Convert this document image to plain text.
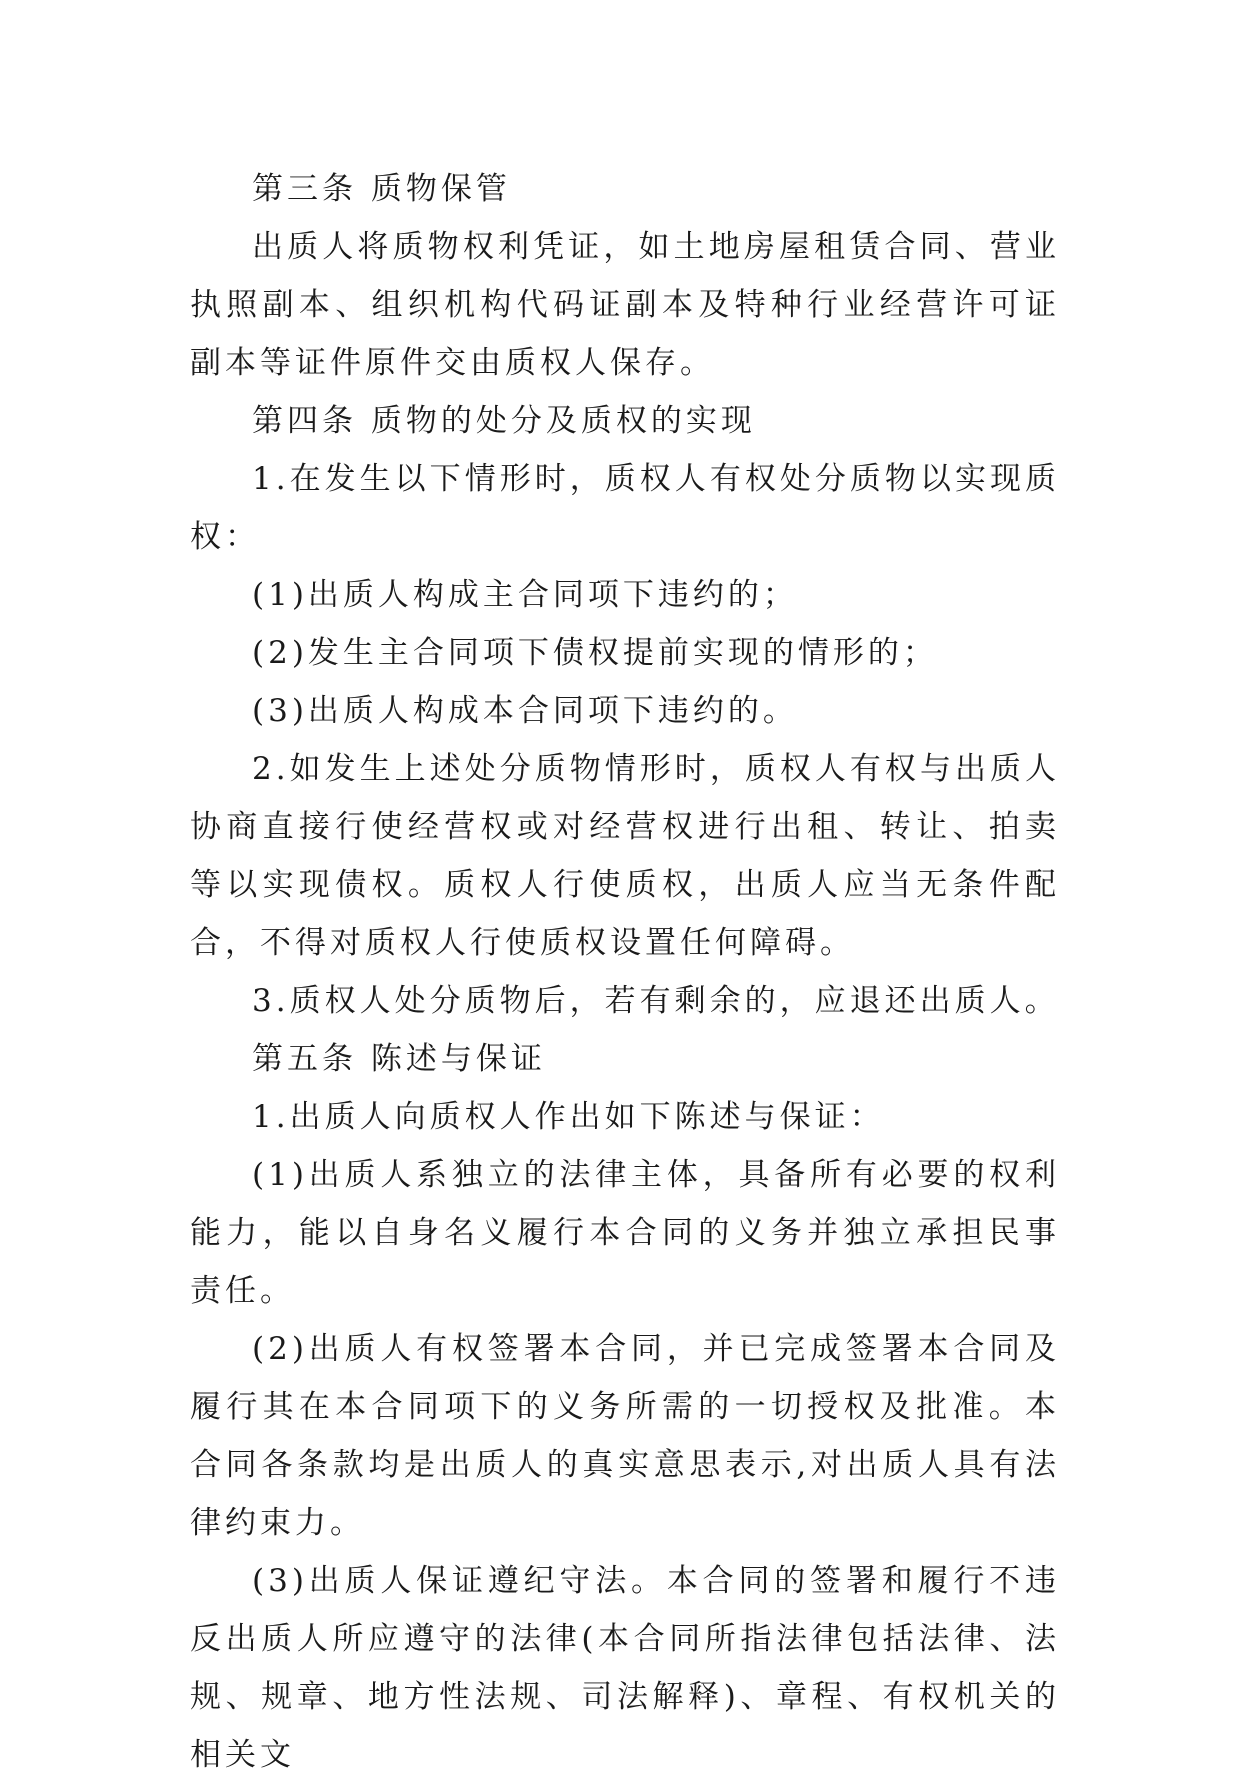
第三条 质物保管

出质人将质物权利凭证，如土地房屋租赁合同、营业执照副本、组织机构代码证副本及特种行业经营许可证副本等证件原件交由质权人保存。

第四条 质物的处分及质权的实现

1.在发生以下情形时，质权人有权处分质物以实现质权：

(1)出质人构成主合同项下违约的；

(2)发生主合同项下债权提前实现的情形的；

(3)出质人构成本合同项下违约的。

2.如发生上述处分质物情形时，质权人有权与出质人协商直接行使经营权或对经营权进行出租、转让、拍卖等以实现债权。质权人行使质权，出质人应当无条件配合，不得对质权人行使质权设置任何障碍。

3.质权人处分质物后，若有剩余的，应退还出质人。

第五条 陈述与保证

1.出质人向质权人作出如下陈述与保证：

(1)出质人系独立的法律主体，具备所有必要的权利能力，能以自身名义履行本合同的义务并独立承担民事责任。

(2)出质人有权签署本合同，并已完成签署本合同及履行其在本合同项下的义务所需的一切授权及批准。本合同各条款均是出质人的真实意思表示,对出质人具有法律约束力。

(3)出质人保证遵纪守法。本合同的签署和履行不违反出质人所应遵守的法律(本合同所指法律包括法律、法规、规章、地方性法规、司法解释)、章程、有权机关的相关文
